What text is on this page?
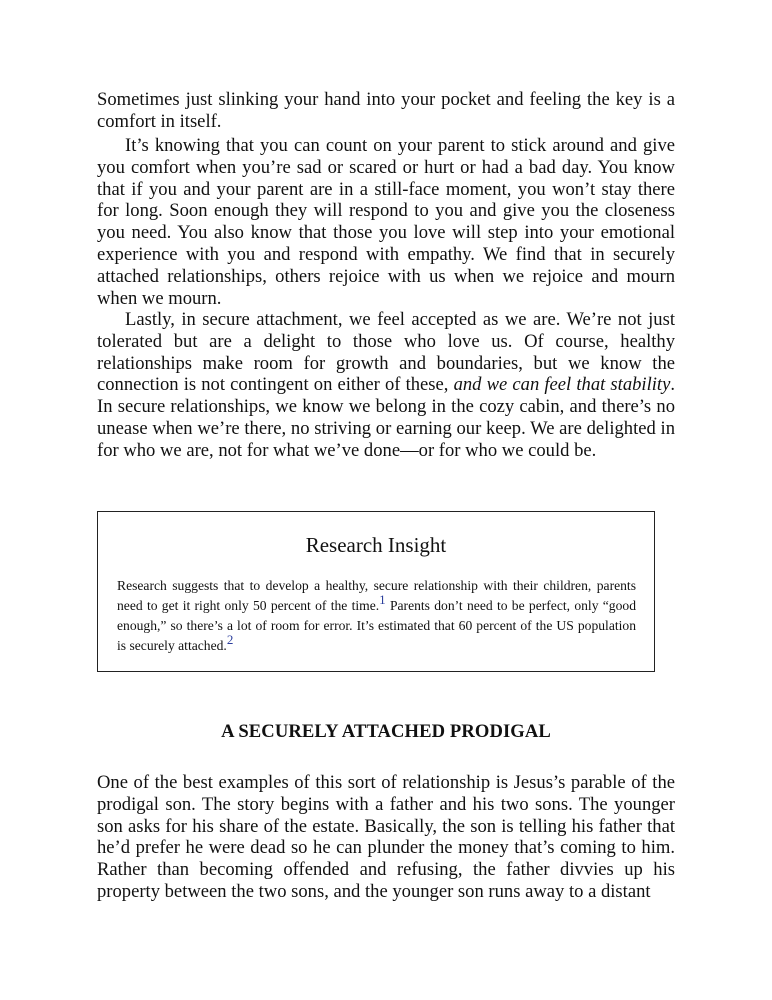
Sometimes just slinking your hand into your pocket and feeling the key is a comfort in itself.

It’s knowing that you can count on your parent to stick around and give you comfort when you’re sad or scared or hurt or had a bad day. You know that if you and your parent are in a still-face moment, you won’t stay there for long. Soon enough they will respond to you and give you the closeness you need. You also know that those you love will step into your emotional experience with you and respond with empathy. We find that in securely attached relationships, others rejoice with us when we rejoice and mourn when we mourn.

Lastly, in secure attachment, we feel accepted as we are. We’re not just tolerated but are a delight to those who love us. Of course, healthy relationships make room for growth and boundaries, but we know the connection is not contingent on either of these, and we can feel that stability. In secure relationships, we know we belong in the cozy cabin, and there’s no unease when we’re there, no striving or earning our keep. We are delighted in for who we are, not for what we’ve done—or for who we could be.

Research Insight

Research suggests that to develop a healthy, secure relationship with their children, parents need to get it right only 50 percent of the time.1 Parents don’t need to be perfect, only “good enough,” so there’s a lot of room for error. It’s estimated that 60 percent of the US population is securely attached.2

A SECURELY ATTACHED PRODIGAL

One of the best examples of this sort of relationship is Jesus’s parable of the prodigal son. The story begins with a father and his two sons. The younger son asks for his share of the estate. Basically, the son is telling his father that he’d prefer he were dead so he can plunder the money that’s coming to him. Rather than becoming offended and refusing, the father divvies up his property between the two sons, and the younger son runs away to a distant
